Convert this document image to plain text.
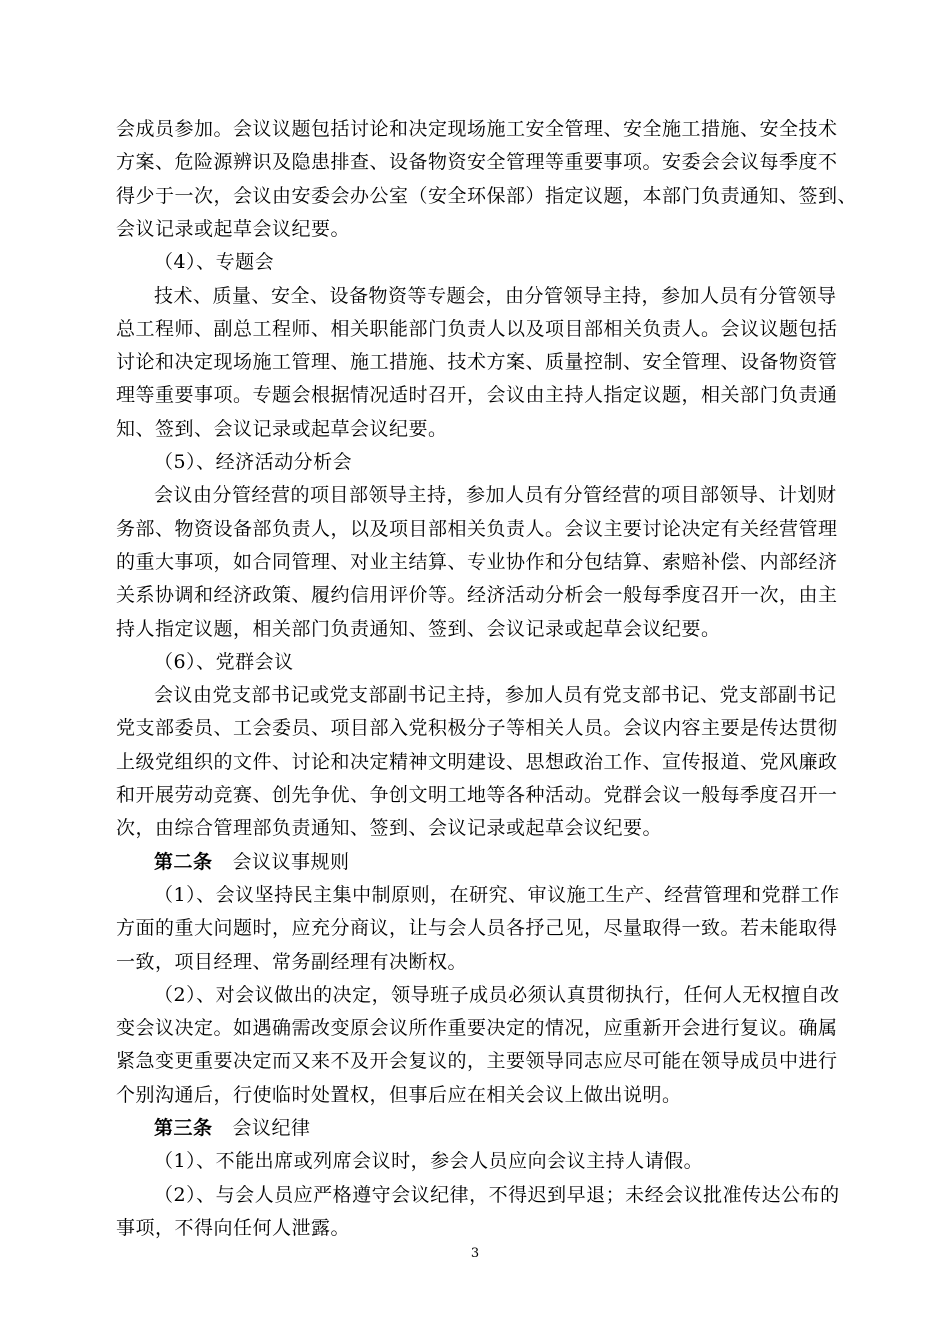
会成员参加。会议议题包括讨论和决定现场施工安全管理、安全施工措施、安全技术
方案、危险源辨识及隐患排查、设备物资安全管理等重要事项。安委会会议每季度不
得少于一次，会议由安委会办公室（安全环保部）指定议题，本部门负责通知、签到、
会议记录或起草会议纪要。
（4）、专题会
技术、质量、安全、设备物资等专题会，由分管领导主持，参加人员有分管领导
总工程师、副总工程师、相关职能部门负责人以及项目部相关负责人。会议议题包括
讨论和决定现场施工管理、施工措施、技术方案、质量控制、安全管理、设备物资管
理等重要事项。专题会根据情况适时召开，会议由主持人指定议题，相关部门负责通
知、签到、会议记录或起草会议纪要。
（5）、经济活动分析会
会议由分管经营的项目部领导主持，参加人员有分管经营的项目部领导、计划财
务部、物资设备部负责人，以及项目部相关负责人。会议主要讨论决定有关经营管理
的重大事项，如合同管理、对业主结算、专业协作和分包结算、索赔补偿、内部经济
关系协调和经济政策、履约信用评价等。经济活动分析会一般每季度召开一次，由主
持人指定议题，相关部门负责通知、签到、会议记录或起草会议纪要。
（6）、党群会议
会议由党支部书记或党支部副书记主持，参加人员有党支部书记、党支部副书记
党支部委员、工会委员、项目部入党积极分子等相关人员。会议内容主要是传达贯彻
上级党组织的文件、讨论和决定精神文明建设、思想政治工作、宣传报道、党风廉政
和开展劳动竞赛、创先争优、争创文明工地等各种活动。党群会议一般每季度召开一
次，由综合管理部负责通知、签到、会议记录或起草会议纪要。
第二条 会议议事规则
（1）、会议坚持民主集中制原则，在研究、审议施工生产、经营管理和党群工作
方面的重大问题时，应充分商议，让与会人员各抒己见，尽量取得一致。若未能取得
一致，项目经理、常务副经理有决断权。
（2）、对会议做出的决定，领导班子成员必须认真贯彻执行，任何人无权擅自改
变会议决定。如遇确需改变原会议所作重要决定的情况，应重新开会进行复议。确属
紧急变更重要决定而又来不及开会复议的，主要领导同志应尽可能在领导成员中进行
个别沟通后，行使临时处置权，但事后应在相关会议上做出说明。
第三条 会议纪律
（1）、不能出席或列席会议时，参会人员应向会议主持人请假。
（2）、与会人员应严格遵守会议纪律，不得迟到早退；未经会议批准传达公布的
事项，不得向任何人泄露。
3
